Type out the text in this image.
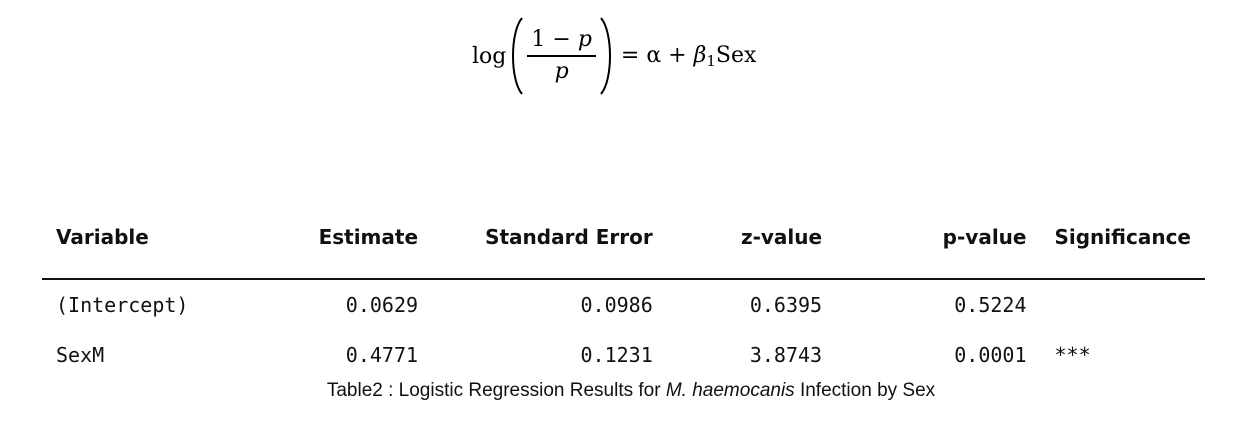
$\log \frac{1 - p}{p} = \alpha + \beta_1Sex$
Variable	Estimate	Standard Error	z-value	p-value	Significance
(Intercept)	0.0629	0.0986	0.6395	0.5224	
SexM	0.4771	0.1231	3.8743	0.0001	***
Table2 : Logistic Regression Results for M. haemocanis Infection by Sex
